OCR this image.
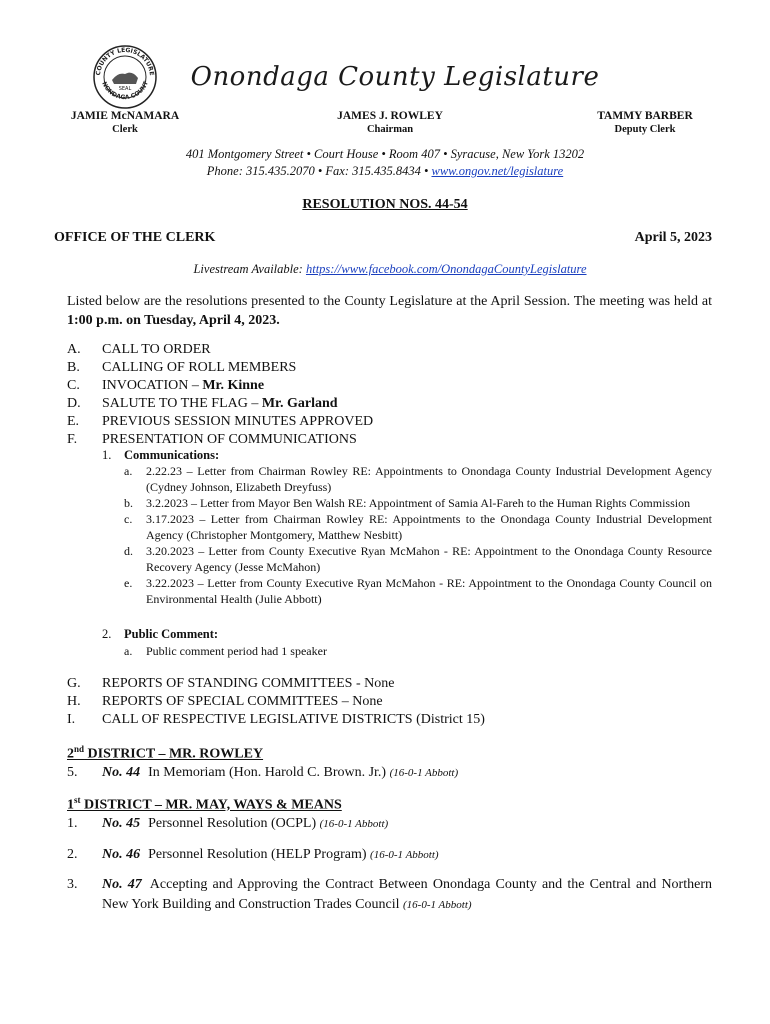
COUNTY LEGISLATURE
NONDAGA COUNT
SEAL	Onondaga County Legislature
JAMIE McNAMARA
Clerk
JAMES J. ROWLEY
Chairman
TAMMY BARBER
Deputy Clerk
401 Montgomery Street • Court House • Room 407 • Syracuse, New York 13202
Phone: 315.435.2070 • Fax: 315.435.8434 • www.ongov.net/legislature
RESOLUTION NOS. 44-54
OFFICE OF THE CLERK	April 5, 2023
Livestream Available: https://www.facebook.com/OnondagaCountyLegislature
Listed below are the resolutions presented to the County Legislature at the April Session. The meeting was held at 1:00 p.m. on Tuesday, April 4, 2023.
A.	CALL TO ORDER
B.	CALLING OF ROLL MEMBERS
C.	INVOCATION – Mr. Kinne
D.	SALUTE TO THE FLAG – Mr. Garland
E.	PREVIOUS SESSION MINUTES APPROVED
F.	PRESENTATION OF COMMUNICATIONS
1.	Communications:
a.	2.22.23 – Letter from Chairman Rowley RE: Appointments to Onondaga County Industrial Development Agency (Cydney Johnson, Elizabeth Dreyfuss)
b.	3.2.2023 – Letter from Mayor Ben Walsh RE: Appointment of Samia Al-Fareh to the Human Rights Commission
c.	3.17.2023 – Letter from Chairman Rowley RE: Appointments to the Onondaga County Industrial Development Agency (Christopher Montgomery, Matthew Nesbitt)
d.	3.20.2023 – Letter from County Executive Ryan McMahon - RE: Appointment to the Onondaga County Resource Recovery Agency (Jesse McMahon)
e.	3.22.2023 – Letter from County Executive Ryan McMahon - RE: Appointment to the Onondaga County Council on Environmental Health (Julie Abbott)
2.	Public Comment:
a.	Public comment period had 1 speaker
G.	REPORTS OF STANDING COMMITTEES - None
H.	REPORTS OF SPECIAL COMMITTEES – None
I.	CALL OF RESPECTIVE LEGISLATIVE DISTRICTS (District 15)
2nd DISTRICT – MR. ROWLEY
5.	No. 44 In Memoriam (Hon. Harold C. Brown. Jr.) (16-0-1 Abbott)
1st DISTRICT – MR. MAY, WAYS & MEANS
1.	No. 45 Personnel Resolution (OCPL) (16-0-1 Abbott)
2.	No. 46 Personnel Resolution (HELP Program) (16-0-1 Abbott)
3.	No. 47 Accepting and Approving the Contract Between Onondaga County and the Central and Northern New York Building and Construction Trades Council (16-0-1 Abbott)
